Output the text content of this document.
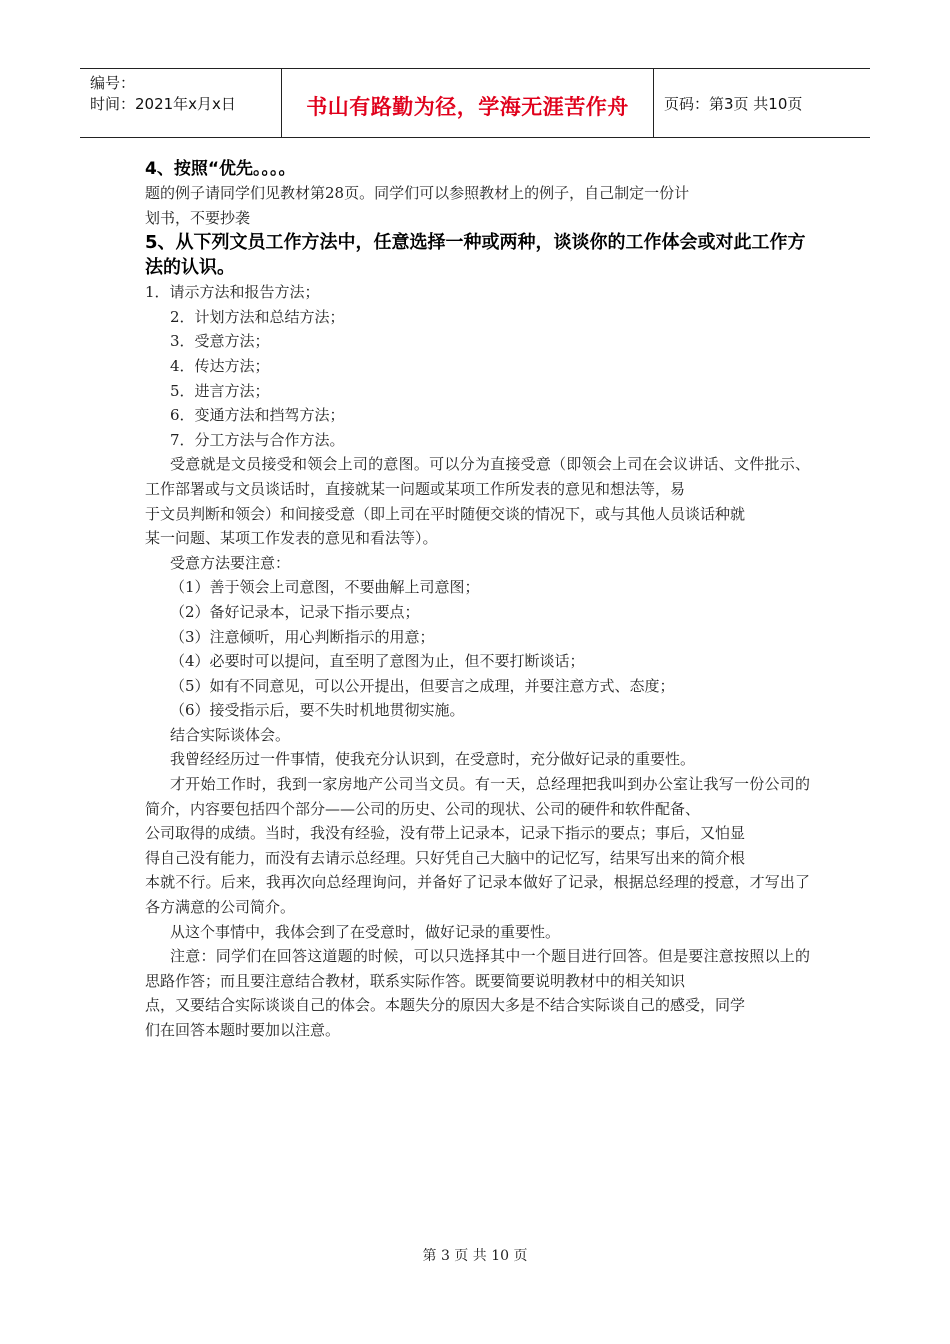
编号：
时间：2021年x月x日	书山有路勤为径，学海无涯苦作舟	页码：第3页 共10页

4、按照“优先。。。。

题的例子请同学们见教材第28页。同学们可以参照教材上的例子，自己制定一份计

划书，不要抄袭

5、从下列文员工作方法中，任意选择一种或两种，谈谈你的工作体会或对此工作方法的认识。

1．请示方法和报告方法；

2．计划方法和总结方法；

3．受意方法；

4．传达方法；

5．进言方法；

6．变通方法和挡驾方法；

7．分工方法与合作方法。

受意就是文员接受和领会上司的意图。可以分为直接受意（即领会上司在会议讲话、文件批示、工作部署或与文员谈话时，直接就某一问题或某项工作所发表的意见和想法等，易

于文员判断和领会）和间接受意（即上司在平时随便交谈的情况下，或与其他人员谈话种就

某一问题、某项工作发表的意见和看法等）。

受意方法要注意：

（1）善于领会上司意图，不要曲解上司意图；

（2）备好记录本，记录下指示要点；

（3）注意倾听，用心判断指示的用意；

（4）必要时可以提问，直至明了意图为止，但不要打断谈话；

（5）如有不同意见，可以公开提出，但要言之成理，并要注意方式、态度；

（6）接受指示后，要不失时机地贯彻实施。

结合实际谈体会。

我曾经经历过一件事情，使我充分认识到，在受意时，充分做好记录的重要性。

才开始工作时，我到一家房地产公司当文员。有一天，总经理把我叫到办公室让我写一份公司的简介，内容要包括四个部分——公司的历史、公司的现状、公司的硬件和软件配备、

公司取得的成绩。当时，我没有经验，没有带上记录本，记录下指示的要点；事后，又怕显

得自己没有能力，而没有去请示总经理。只好凭自己大脑中的记忆写，结果写出来的简介根

本就不行。后来，我再次向总经理询问，并备好了记录本做好了记录，根据总经理的授意，才写出了各方满意的公司简介。

从这个事情中，我体会到了在受意时，做好记录的重要性。

注意：同学们在回答这道题的时候，可以只选择其中一个题目进行回答。但是要注意按照以上的思路作答；而且要注意结合教材，联系实际作答。既要简要说明教材中的相关知识

点，又要结合实际谈谈自己的体会。本题失分的原因大多是不结合实际谈自己的感受，同学

们在回答本题时要加以注意。

第 3 页 共 10 页
